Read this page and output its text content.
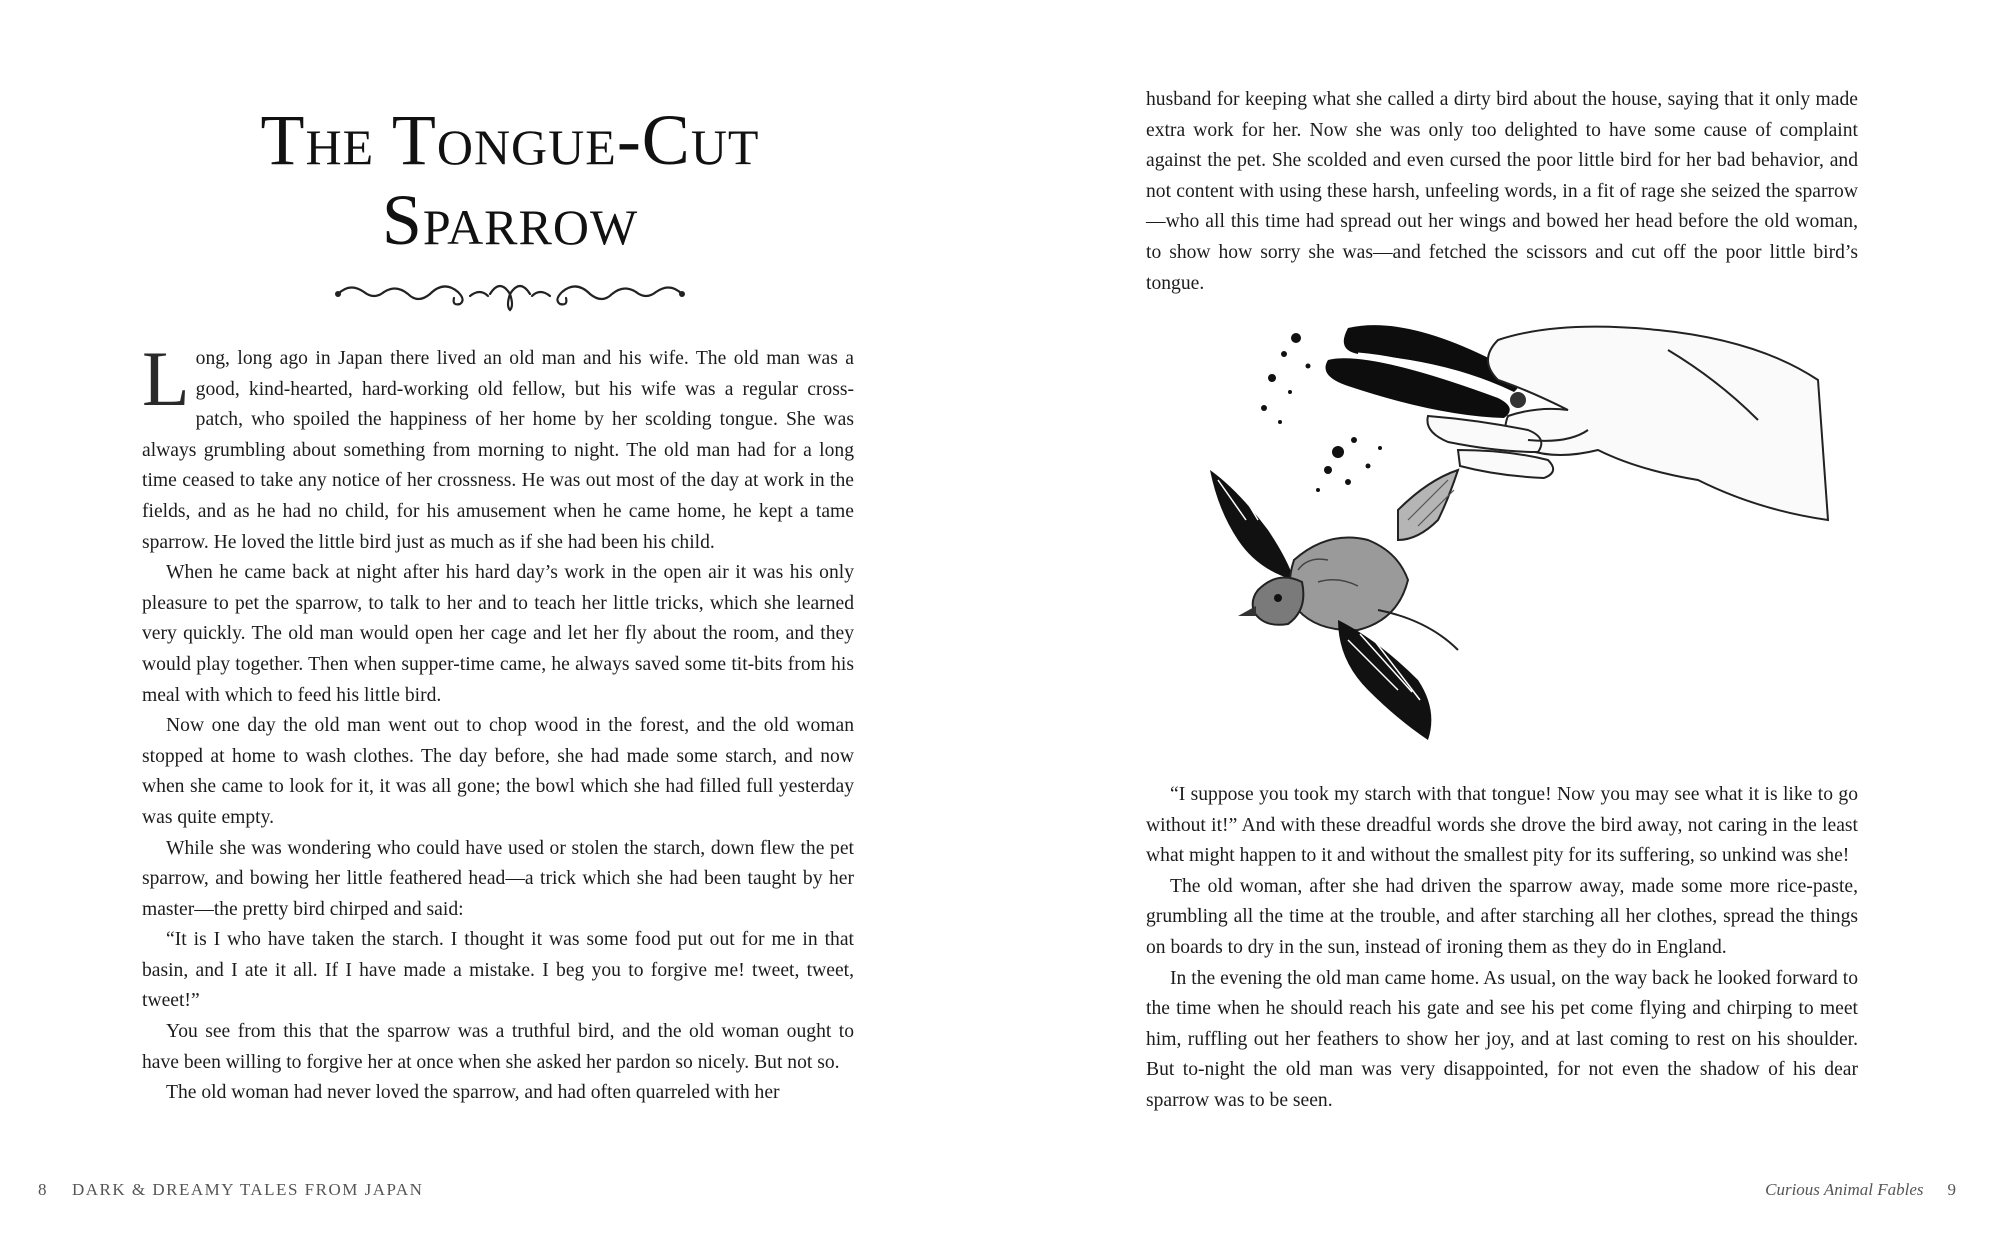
The Tongue-Cut
Sparrow

Long, long ago in Japan there lived an old man and his wife. The old man was a good, kind-hearted, hard-working old fellow, but his wife was a regular cross-patch, who spoiled the happiness of her home by her scolding tongue. She was always grumbling about something from morning to night. The old man had for a long time ceased to take any notice of her crossness. He was out most of the day at work in the fields, and as he had no child, for his amusement when he came home, he kept a tame sparrow. He loved the little bird just as much as if she had been his child.

When he came back at night after his hard day’s work in the open air it was his only pleasure to pet the sparrow, to talk to her and to teach her little tricks, which she learned very quickly. The old man would open her cage and let her fly about the room, and they would play together. Then when supper-time came, he always saved some tit-bits from his meal with which to feed his little bird.

Now one day the old man went out to chop wood in the forest, and the old woman stopped at home to wash clothes. The day before, she had made some starch, and now when she came to look for it, it was all gone; the bowl which she had filled full yesterday was quite empty.

While she was wondering who could have used or stolen the starch, down flew the pet sparrow, and bowing her little feathered head—a trick which she had been taught by her master—the pretty bird chirped and said:

“It is I who have taken the starch. I thought it was some food put out for me in that basin, and I ate it all. If I have made a mistake. I beg you to forgive me! tweet, tweet, tweet!”

You see from this that the sparrow was a truthful bird, and the old woman ought to have been willing to forgive her at once when she asked her pardon so nicely. But not so.

The old woman had never loved the sparrow, and had often quarreled with her

8 DARK & DREAMY TALES FROM JAPAN

husband for keeping what she called a dirty bird about the house, saying that it only made extra work for her. Now she was only too delighted to have some cause of complaint against the pet. She scolded and even cursed the poor little bird for her bad behavior, and not content with using these harsh, unfeeling words, in a fit of rage she seized the sparrow—who all this time had spread out her wings and bowed her head before the old woman, to show how sorry she was—and fetched the scissors and cut off the poor little bird’s tongue.

“I suppose you took my starch with that tongue! Now you may see what it is like to go without it!” And with these dreadful words she drove the bird away, not caring in the least what might happen to it and without the smallest pity for its suffering, so unkind was she!

The old woman, after she had driven the sparrow away, made some more rice-paste, grumbling all the time at the trouble, and after starching all her clothes, spread the things on boards to dry in the sun, instead of ironing them as they do in England.

In the evening the old man came home. As usual, on the way back he looked forward to the time when he should reach his gate and see his pet come flying and chirping to meet him, ruffling out her feathers to show her joy, and at last coming to rest on his shoulder. But to-night the old man was very disappointed, for not even the shadow of his dear sparrow was to be seen.

Curious Animal Fables 9
